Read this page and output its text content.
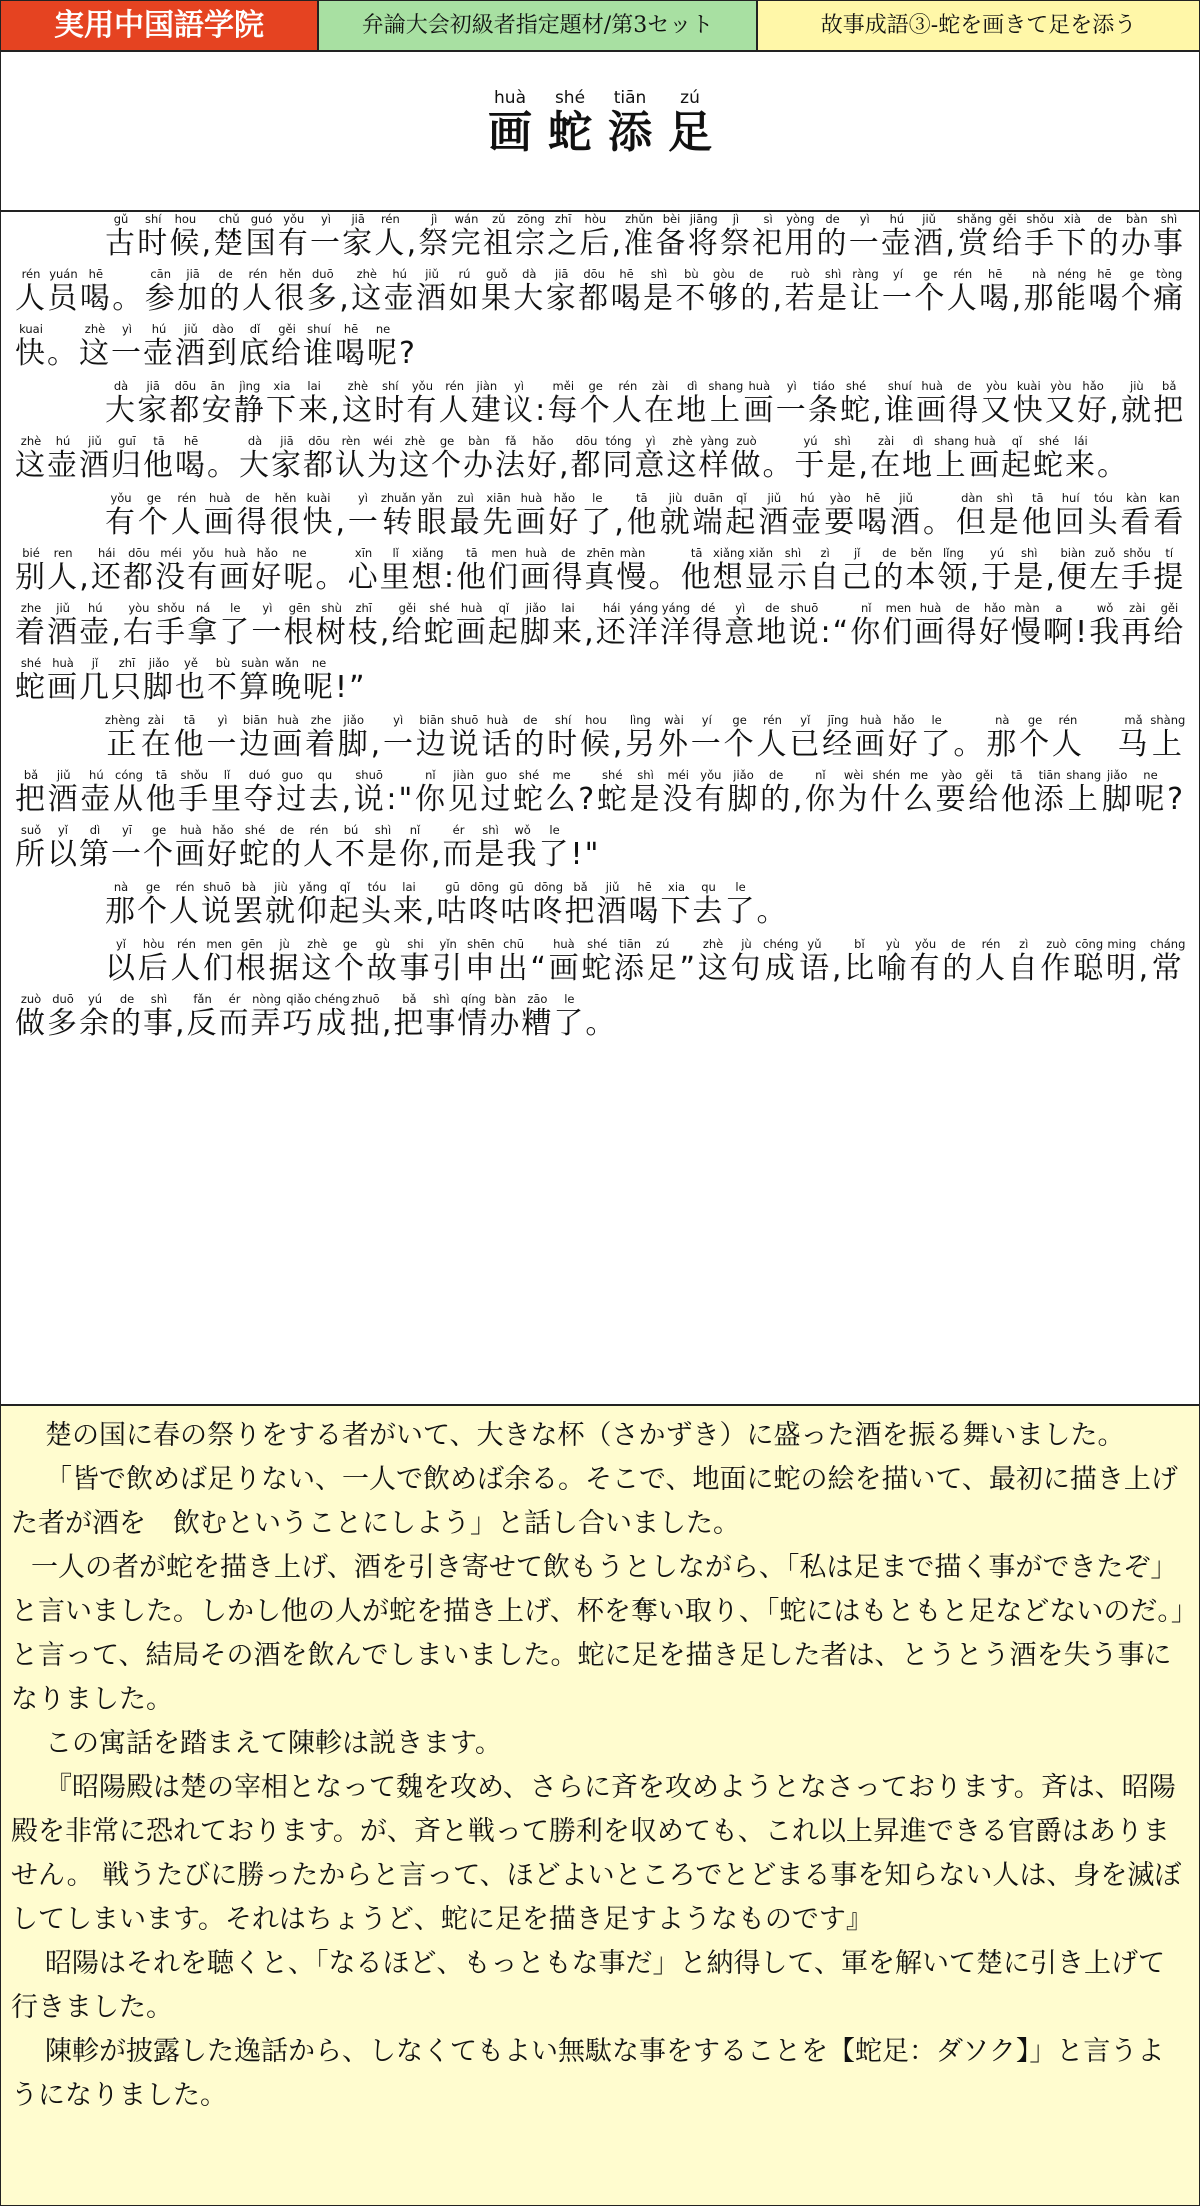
実用中国語学院	弁論大会初級者指定題材/第3セット	故事成語③-蛇を画きて足を添う
画huà蛇shé添tiān足zú

古gǔ时shí候hou, 楚chǔ国guó有yǒu一yì家jiā人rén, 祭jì完wán祖zǔ宗zōng之zhī后hòu, 准zhǔn备bèi将jiāng祭jì祀sì用yòng的de一yì壶hú酒jiǔ, 赏shǎng给gěi手shǒu下xià的de办bàn事shì人rén员yuán喝hē。 参cān加jiā的de人rén很hěn多duō, 这zhè壶hú酒jiǔ如rú果guǒ大dà家jiā都dōu喝hē是shì不bù够gòu的de, 若ruò是shì让ràng一yí个ge人rén喝hē, 那nà能néng喝hē个ge痛tòng快kuai。 这zhè一yì壶hú酒jiǔ到dào底dǐ给gěi谁shuí喝hē呢ne?

大dà家jiā都dōu安ān静jìng下xia来lai, 这zhè时shí有yǒu人rén建jiàn议yì: 每měi个ge人rén在zài地dì上shang画huà一yì条tiáo蛇shé, 谁shuí画huà得de又yòu快kuài又yòu好hǎo, 就jiù把bǎ这zhè壶hú酒jiǔ归guī他tā喝hē。 大dà家jiā都dōu认rèn为wéi这zhè个ge办bàn法fǎ好hǎo, 都dōu同tóng意yì这zhè样yàng做zuò。 于yú是shì, 在zài地dì上shang画huà起qǐ蛇shé来lái。

有yǒu个ge人rén画huà得de很hěn快kuài, 一yì转zhuǎn眼yǎn最zuì先xiān画huà好hǎo了le, 他tā就jiù端duān起qǐ酒jiǔ壶hú要yào喝hē酒jiǔ。 但dàn是shì他tā回huí头tóu看kàn看kan别bié人ren, 还hái都dōu没méi有yǒu画huà好hǎo呢ne。 心xīn里lǐ想xiǎng: 他tā们men画huà得de真zhēn慢màn。 他tā想xiǎng显xiǎn示shì自zì己jǐ的de本běn领lǐng, 于yú是shì, 便biàn左zuǒ手shǒu提tí着zhe酒jiǔ壶hú, 右yòu手shǒu拿ná了le一yì根gēn树shù枝zhī, 给gěi蛇shé画huà起qǐ脚jiǎo来lai, 还hái洋yáng洋yáng得dé意yì地de说shuō: “ 你nǐ们men画huà得de好hǎo慢màn啊a! 我wǒ再zài给gěi蛇shé画huà几jǐ只zhī脚jiǎo也yě不bù算suàn晚wǎn呢ne! ”

正zhèng在zài他tā一yì边biān画huà着zhe脚jiǎo, 一yì边biān说shuō话huà的de时shí候hou, 另lìng外wài一yí个ge人rén已yǐ经jīng画huà好hǎo了le。 那nà个ge人rén　 马mǎ上shàng把bǎ酒jiǔ壶hú从cóng他tā手shǒu里lǐ夺duó过guo去qu, 说shuō: " 你nǐ见jiàn过guo蛇shé么me? 蛇shé是shì没méi有yǒu脚jiǎo的de, 你nǐ为wèi什shén么me要yào给gěi他tā添tiān上shang脚jiǎo呢ne? 所suǒ以yǐ第dì一yī个ge画huà好hǎo蛇shé的de人rén不bú是shì你nǐ, 而ér是shì我wǒ了le! "

那nà个ge人rén说shuō罢bà就jiù仰yǎng起qǐ头tóu来lai, 咕gū咚dōng咕gū咚dōng把bǎ酒jiǔ喝hē下xia去qu了le。

以yǐ后hòu人rén们men根gēn据jù这zhè个ge故gù事shi引yǐn申shēn出chū“ 画huà蛇shé添tiān足zú” 这zhè句jù成chéng语yǔ, 比bǐ喻yù有yǒu的de人rén自zì作zuò聪cōng明ming, 常cháng做zuò多duō余yú的de事shì, 反fǎn而ér弄nòng巧qiǎo成chéng拙zhuō, 把bǎ事shì情qíng办bàn糟zāo了le。

楚の国に春の祭りをする者がいて、大きな杯（さかずき）に盛った酒を振る舞いました。

「皆で飲めば足りない、一人で飲めば余る。そこで、地面に蛇の絵を描いて、最初に描き上げた者が酒を　飲むということにしよう」と話し合いました。

一人の者が蛇を描き上げ、酒を引き寄せて飲もうとしながら、「私は足まで描く事ができたぞ」と言いました。しかし他の人が蛇を描き上げ、杯を奪い取り、「蛇にはもともと足などないのだ。」と言って、結局その酒を飲んでしまいました。蛇に足を描き足した者は、とうとう酒を失う事になりました。

この寓話を踏まえて陳軫は説きます。

『昭陽殿は楚の宰相となって魏を攻め、さらに斉を攻めようとなさっております。斉は、昭陽殿を非常に恐れております。が、斉と戦って勝利を収めても、これ以上昇進できる官爵はありません。 戦うたびに勝ったからと言って、ほどよいところでとどまる事を知らない人は、身を滅ぼしてしまいます。それはちょうど、蛇に足を描き足すようなものです』

昭陽はそれを聴くと、「なるほど、もっともな事だ」と納得して、軍を解いて楚に引き上げて行きました。

陳軫が披露した逸話から、しなくてもよい無駄な事をすることを【蛇足：ダソク】」と言うようになりました。
